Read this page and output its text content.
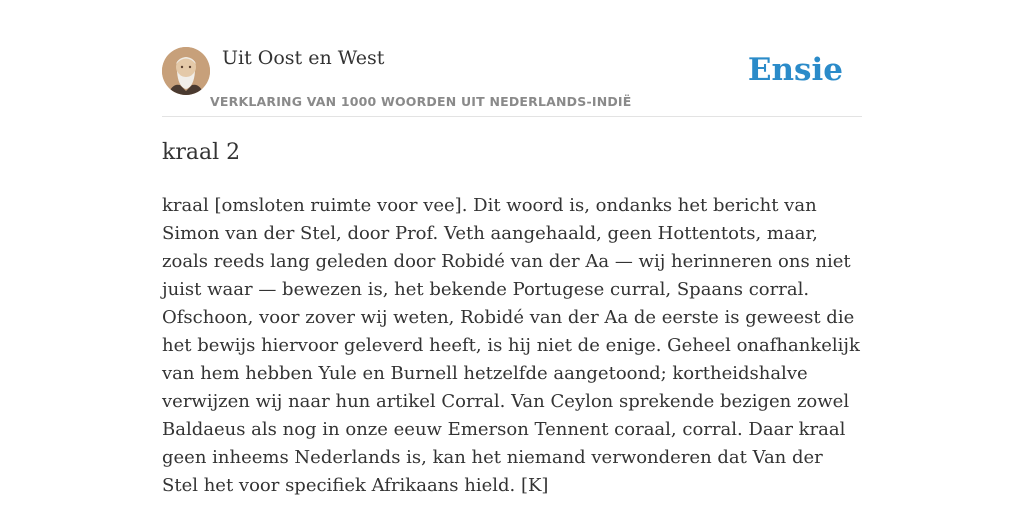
Uit Oost en West
VERKLARING VAN 1000 WOORDEN UIT NEDERLANDS-INDIË
Ensie
kraal 2

kraal [omsloten ruimte voor vee]. Dit woord is, ondanks het bericht van Simon van der Stel, door Prof. Veth aangehaald, geen Hottentots, maar, zoals reeds lang geleden door Robidé van der Aa — wij herinneren ons niet juist waar — bewezen is, het bekende Portugese curral, Spaans corral. Ofschoon, voor zover wij weten, Robidé van der Aa de eerste is geweest die het bewijs hiervoor geleverd heeft, is hij niet de enige. Geheel onafhankelijk van hem hebben Yule en Burnell hetzelfde aangetoond; kortheidshalve verwijzen wij naar hun artikel Corral. Van Ceylon sprekende bezigen zowel Baldaeus als nog in onze eeuw Emerson Tennent coraal, corral. Daar kraal geen inheems Nederlands is, kan het niemand verwonderen dat Van der Stel het voor specifiek Afrikaans hield. [K]
